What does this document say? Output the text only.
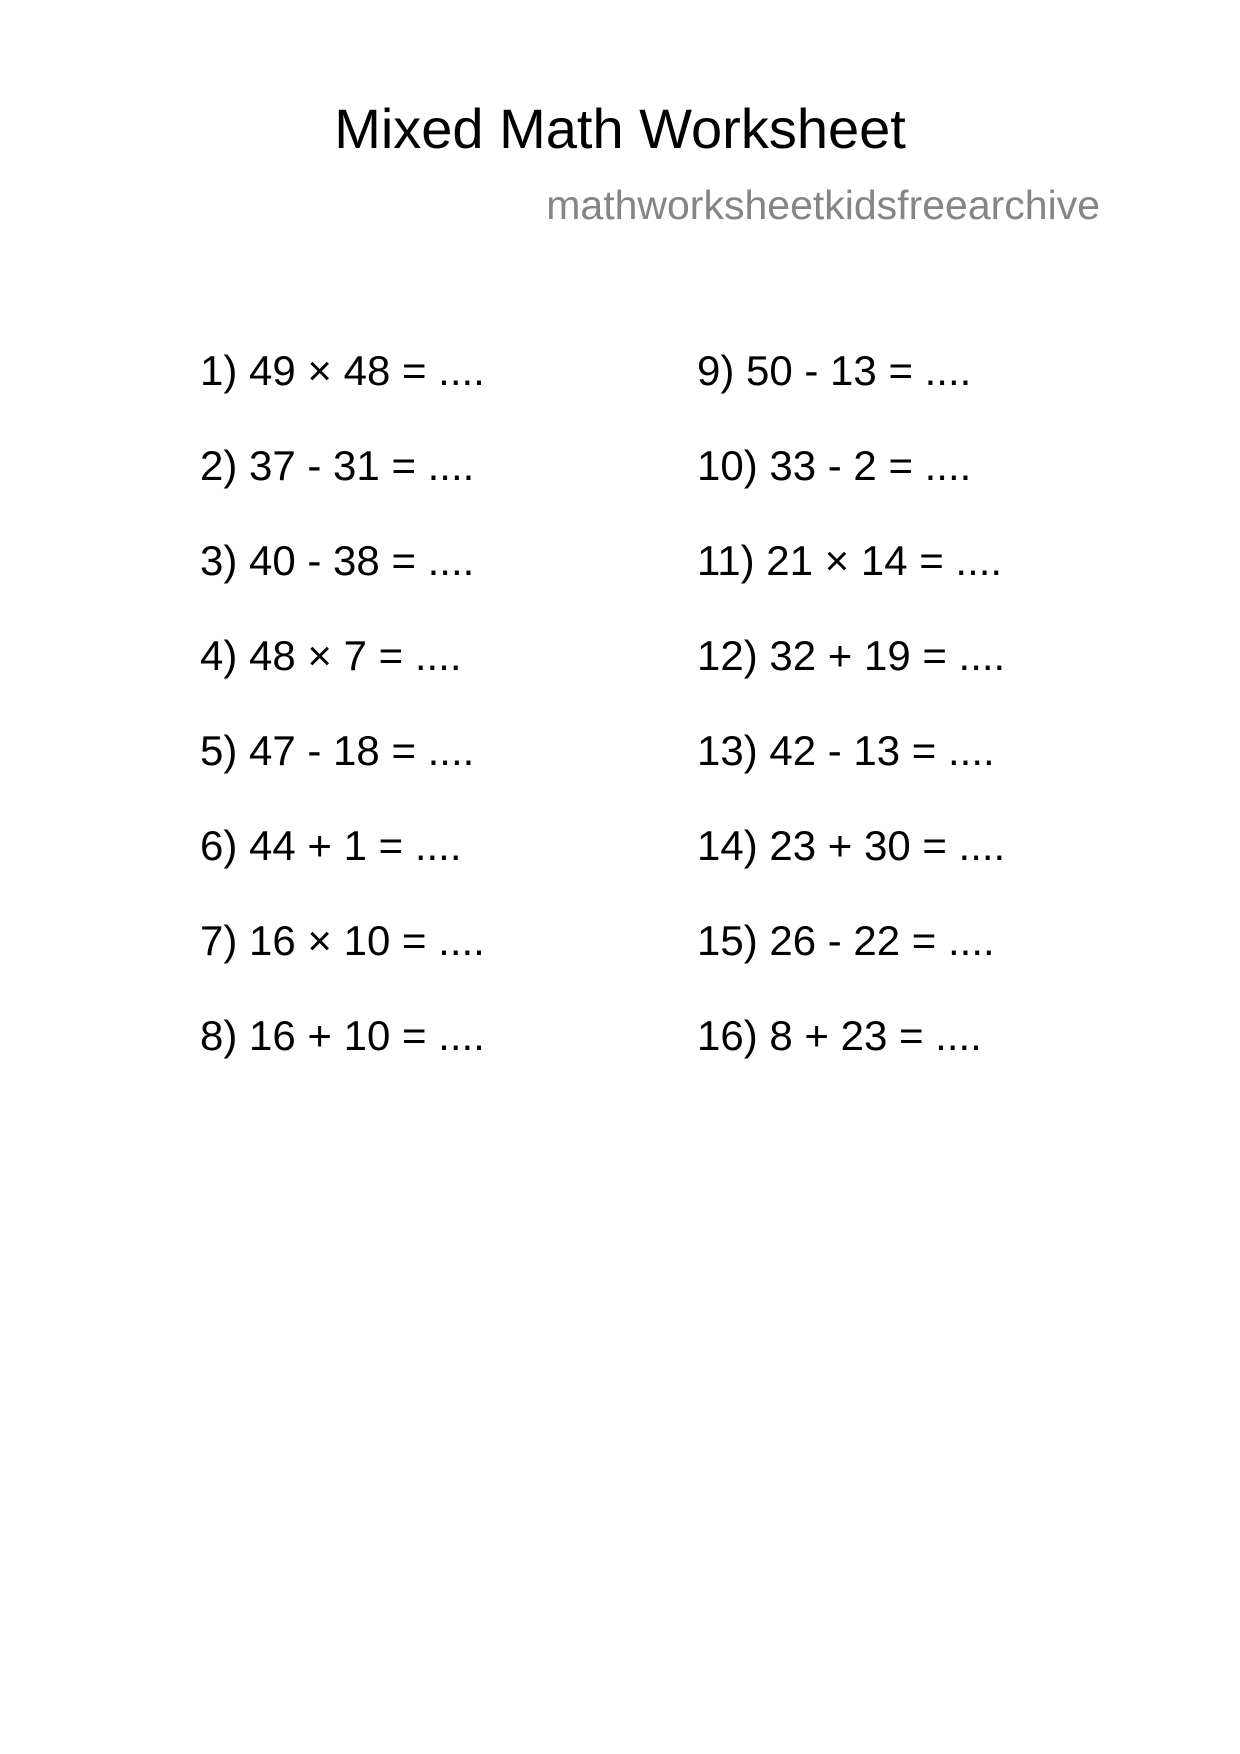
Mixed Math Worksheet
mathworksheetkidsfreearchive
1) 49 × 48 = ....
2) 37 - 31 = ....
3) 40 - 38 = ....
4) 48 × 7 = ....
5) 47 - 18 = ....
6) 44 + 1 = ....
7) 16 × 10 = ....
8) 16 + 10 = ....
9) 50 - 13 = ....
10) 33 - 2 = ....
11) 21 × 14 = ....
12) 32 + 19 = ....
13) 42 - 13 = ....
14) 23 + 30 = ....
15) 26 - 22 = ....
16) 8 + 23 = ....
